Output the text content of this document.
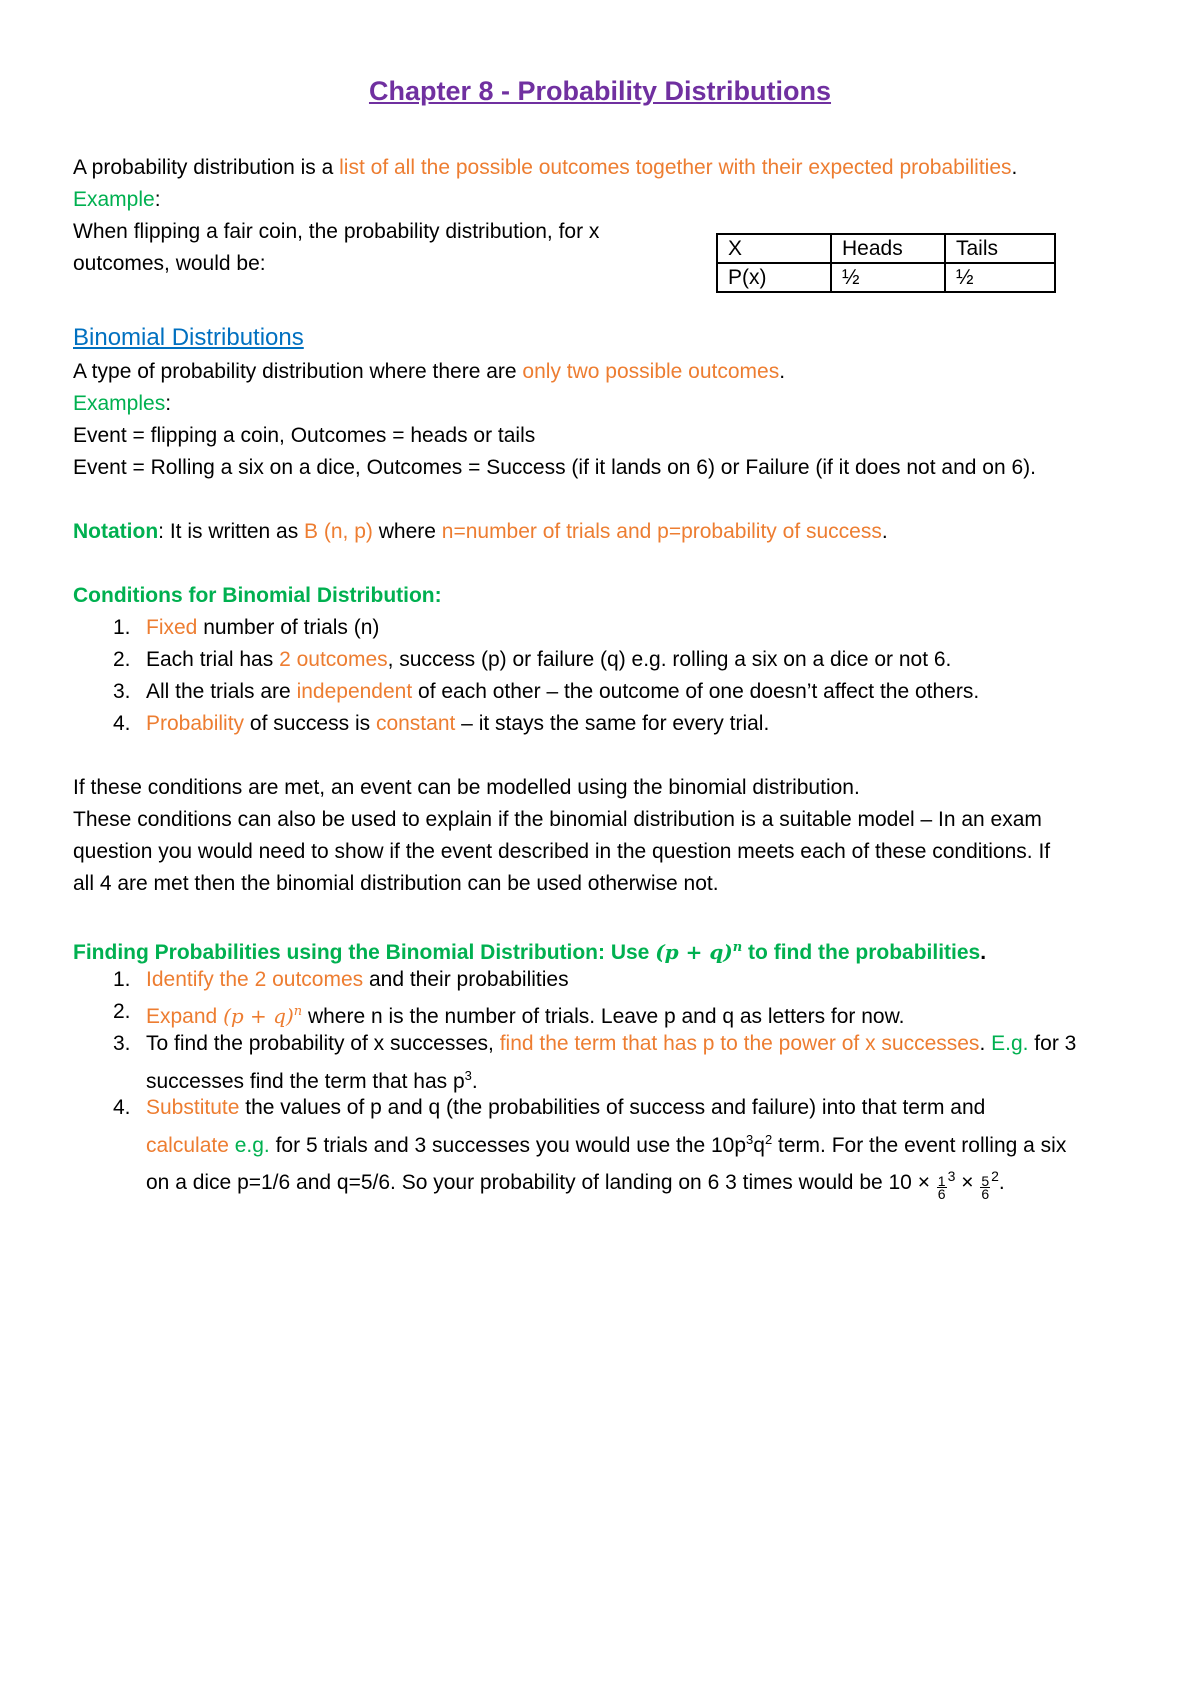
Chapter 8 - Probability Distributions
A probability distribution is a list of all the possible outcomes together with their expected probabilities.
Example:
When flipping a fair coin, the probability distribution, for x
outcomes, would be:
X	Heads	Tails
P(x)	½	½
Binomial Distributions
A type of probability distribution where there are only two possible outcomes.
Examples:
Event = flipping a coin, Outcomes = heads or tails
Event = Rolling a six on a dice, Outcomes = Success (if it lands on 6) or Failure (if it does not and on 6).
Notation: It is written as B (n, p) where n=number of trials and p=probability of success.
Conditions for Binomial Distribution:
1. Fixed number of trials (n)
2. Each trial has 2 outcomes, success (p) or failure (q) e.g. rolling a six on a dice or not 6.
3. All the trials are independent of each other – the outcome of one doesn’t affect the others.
4. Probability of success is constant – it stays the same for every trial.
If these conditions are met, an event can be modelled using the binomial distribution.
These conditions can also be used to explain if the binomial distribution is a suitable model – In an exam
question you would need to show if the event described in the question meets each of these conditions. If
all 4 are met then the binomial distribution can be used otherwise not.
Finding Probabilities using the Binomial Distribution: Use $(p + q)^n$ to find the probabilities.
1. Identify the 2 outcomes and their probabilities
2. Expand $(p + q)^n$ where n is the number of trials. Leave p and q as letters for now.
3. To find the probability of x successes, find the term that has p to the power of x successes. E.g. for 3
successes find the term that has $p^3$.
4. Substitute the values of p and q (the probabilities of success and failure) into that term and
calculate e.g. for 5 trials and 3 successes you would use the $10p^3q^2$ term. For the event rolling a six
on a dice p=1/6 and q=5/6. So your probability of landing on 6 3 times would be $10 \times \frac{1}{6} ^3 \times \frac{5}{6} ^2$.
